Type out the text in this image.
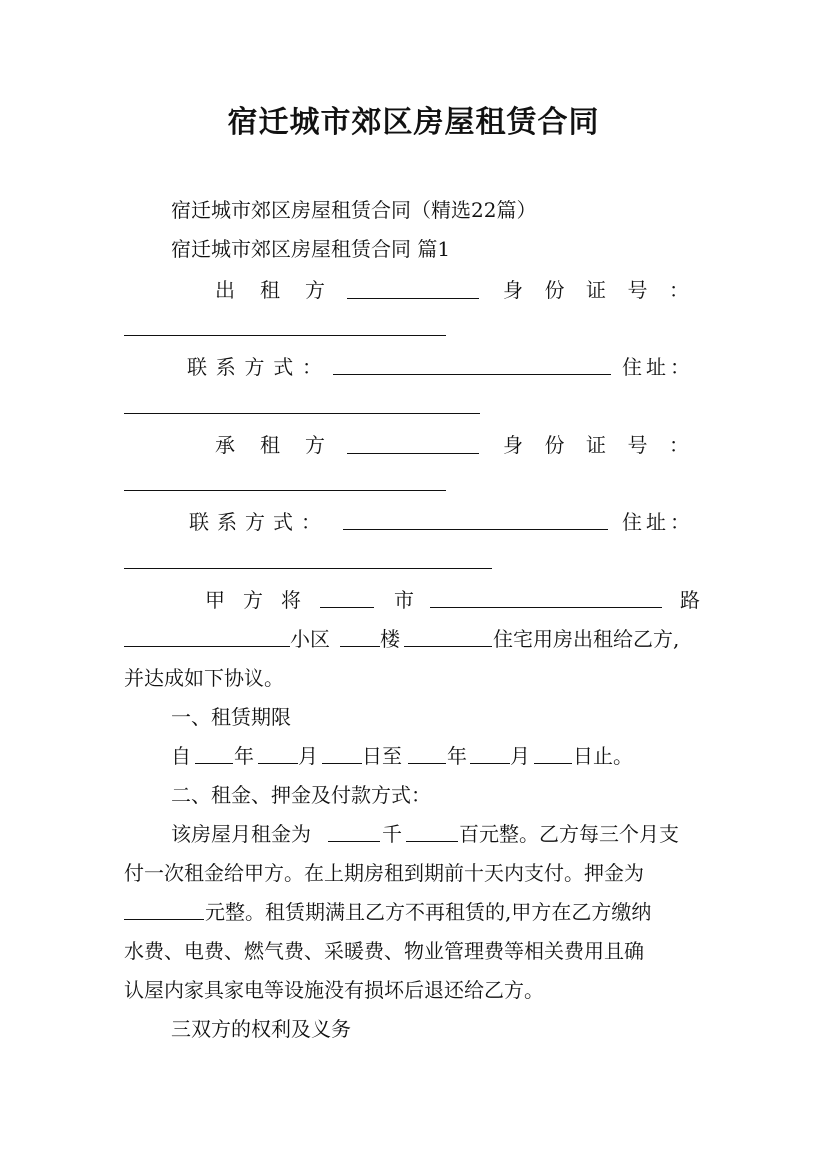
宿迁城市郊区房屋租赁合同
宿迁城市郊区房屋租赁合同（精选22篇）
宿迁城市郊区房屋租赁合同 篇1
出 租 方	身 份 证 号 ：
联 系 方 式 ：	住 址 ：
承 租 方	身 份 证 号 ：
联 系 方 式 ：	住 址 ：
甲 方 将	市	路
小区	楼	住宅用房出租给乙方,
并达成如下协议。
一、租赁期限
自 年 月 日至 年 月 日止。
二、租金、押金及付款方式：
该房屋月租金为	千	百元整。乙方每三个月支
付一次租金给甲方。在上期房租到期前十天内支付。押金为
元整。租赁期满且乙方不再租赁的,甲方在乙方缴纳
水费、电费、燃气费、采暖费、物业管理费等相关费用且确
认屋内家具家电等设施没有损坏后退还给乙方。
三双方的权利及义务
